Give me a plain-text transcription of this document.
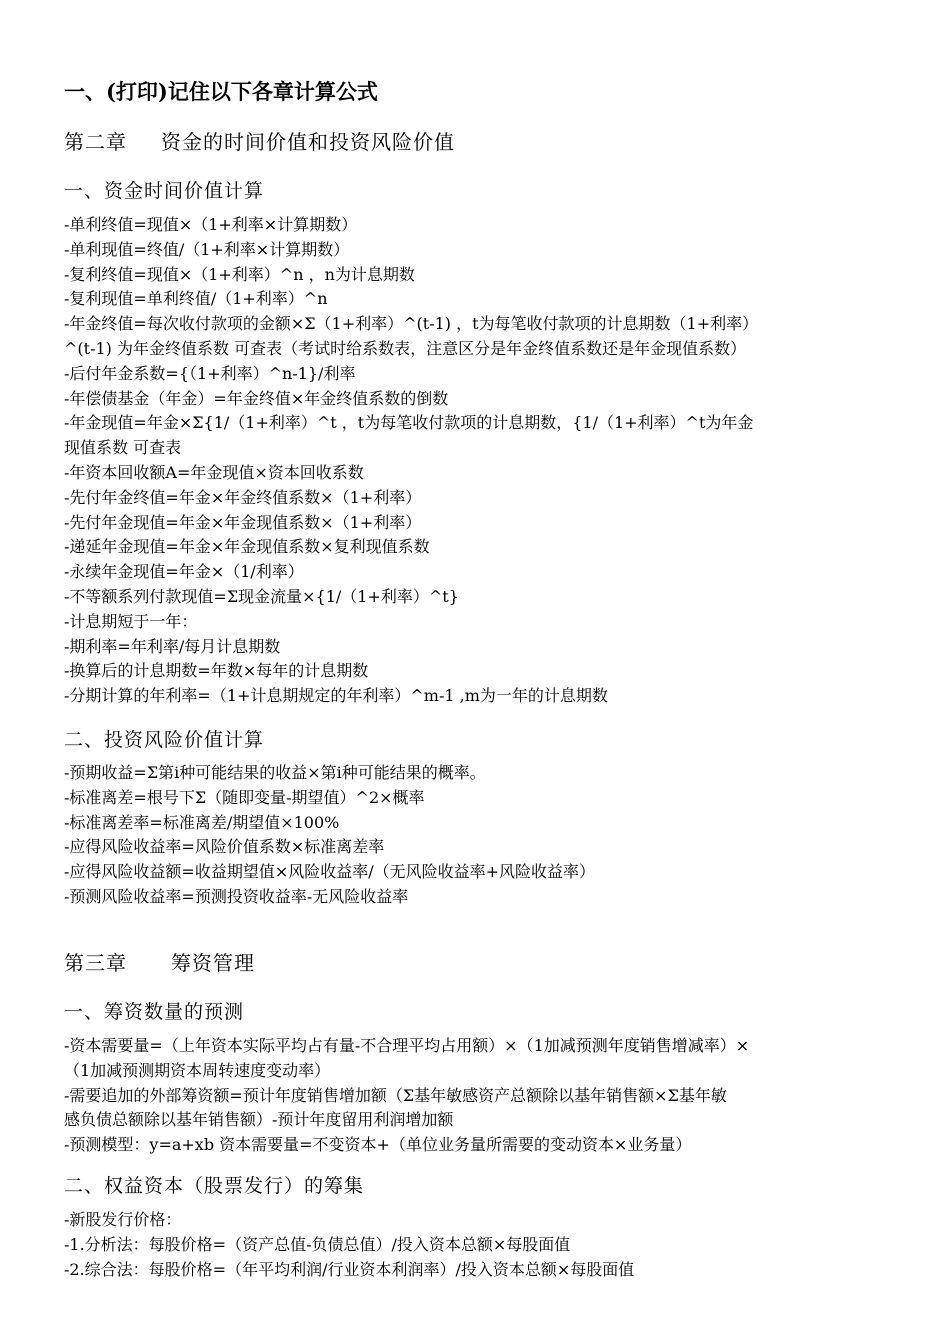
一、(打印)记住以下各章计算公式
第二章 资金的时间价值和投资风险价值
一、资金时间价值计算
-单利终值=现值×（1+利率×计算期数）
-单利现值=终值/（1+利率×计算期数）
-复利终值=现值×（1+利率）^n ，n为计息期数
-复利现值=单利终值/（1+利率）^n
-年金终值=每次收付款项的金额×Σ（1+利率）^(t-1) ，t为每笔收付款项的计息期数（1+利率）
^(t-1) 为年金终值系数 可查表（考试时给系数表，注意区分是年金终值系数还是年金现值系数）
-后付年金系数={（1+利率）^n-1}/利率
-年偿债基金（年金）=年金终值×年金终值系数的倒数
-年金现值=年金×Σ{1/（1+利率）^t ，t为每笔收付款项的计息期数，{1/（1+利率）^t为年金
现值系数 可查表
-年资本回收额A=年金现值×资本回收系数
-先付年金终值=年金×年金终值系数×（1+利率）
-先付年金现值=年金×年金现值系数×（1+利率）
-递延年金现值=年金×年金现值系数×复利现值系数
-永续年金现值=年金×（1/利率）
-不等额系列付款现值=Σ现金流量×{1/（1+利率）^t}
-计息期短于一年：
-期利率=年利率/每月计息期数
-换算后的计息期数=年数×每年的计息期数
-分期计算的年利率=（1+计息期规定的年利率）^m-1 ,m为一年的计息期数
二、投资风险价值计算
-预期收益=Σ第i种可能结果的收益×第i种可能结果的概率。
-标准离差=根号下Σ（随即变量-期望值）^2×概率
-标准离差率=标准离差/期望值×100%
-应得风险收益率=风险价值系数×标准离差率
-应得风险收益额=收益期望值×风险收益率/（无风险收益率+风险收益率）
-预测风险收益率=预测投资收益率-无风险收益率
第三章 筹资管理
一、筹资数量的预测
-资本需要量=（上年资本实际平均占有量-不合理平均占用额）×（1加减预测年度销售增减率）×
（1加减预测期资本周转速度变动率）
-需要追加的外部筹资额=预计年度销售增加额（Σ基年敏感资产总额除以基年销售额×Σ基年敏
感负债总额除以基年销售额）-预计年度留用利润增加额
-预测模型：y=a+xb 资本需要量=不变资本+（单位业务量所需要的变动资本×业务量）
二、权益资本（股票发行）的筹集
-新股发行价格：
-1.分析法：每股价格=（资产总值-负债总值）/投入资本总额×每股面值
-2.综合法：每股价格=（年平均利润/行业资本利润率）/投入资本总额×每股面值
